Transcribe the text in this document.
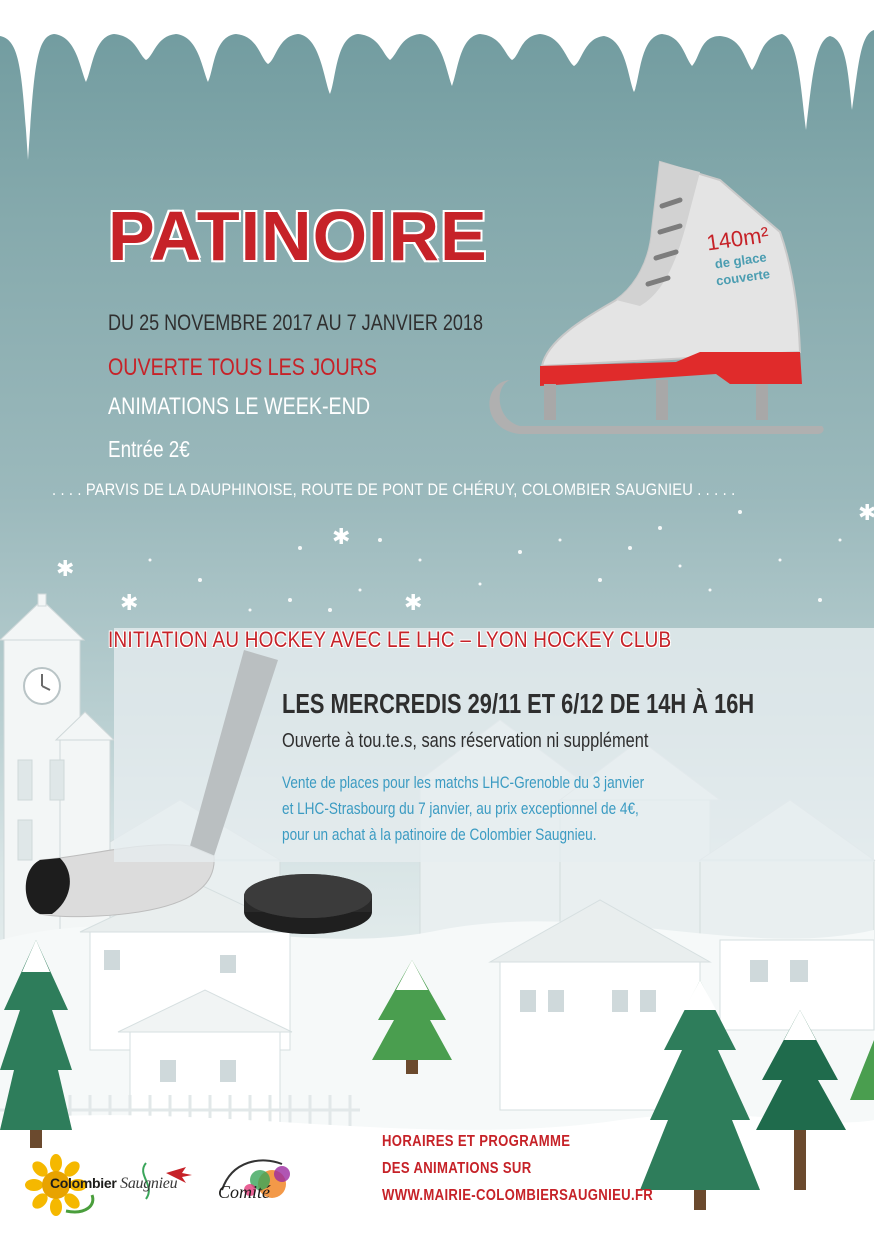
✱
✱
✱
✱
✱
PATINOIRE
DU 25 NOVEMBRE 2017 AU 7 JANVIER 2018
OUVERTE TOUS LES JOURS
ANIMATIONS LE WEEK-END
Entrée 2€
. . . . PARVIS DE LA DAUPHINOISE, ROUTE DE PONT DE CHÉRUY, COLOMBIER SAUGNIEU . . . . .
140m²
de glace
couverte
INITIATION AU HOCKEY AVEC LE LHC – LYON HOCKEY CLUB
LES MERCREDIS 29/11 ET 6/12 DE 14H À 16H
Ouverte à tou.te.s, sans réservation ni supplément
Vente de places pour les matchs LHC-Grenoble du 3 janvier
et LHC-Strasbourg du 7 janvier, au prix exceptionnel de 4€,
pour un achat à la patinoire de Colombier Saugnieu.
HORAIRES ET PROGRAMME
DES ANIMATIONS SUR
WWW.MAIRIE-COLOMBIERSAUGNIEU.FR
Colombier Saugnieu Comité
